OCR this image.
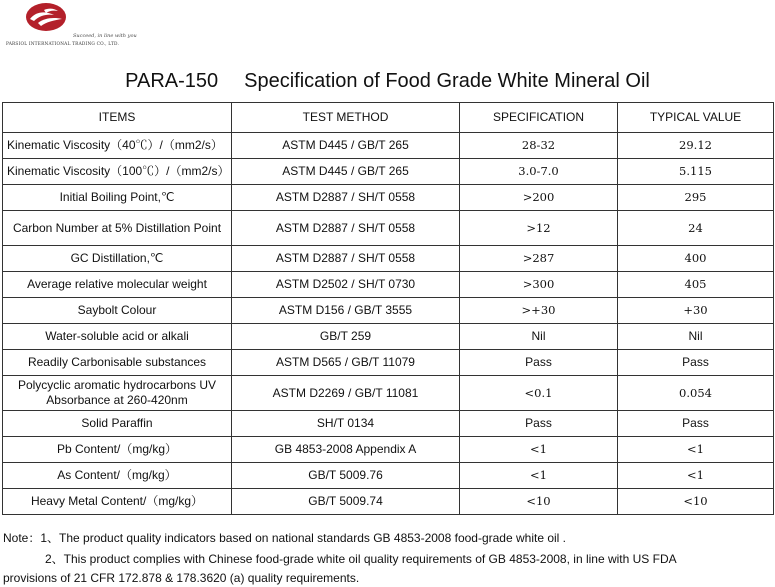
Succeed, in line with you
PARSIOL INTERNATIONAL TRADING CO., LTD.
PARA-150 Specification of Food Grade White Mineral Oil
ITEMS	TEST METHOD	SPECIFICATION	TYPICAL VALUE
Kinematic Viscosity（40℃）/（mm2/s）	ASTM D445 / GB/T 265	28-32	29.12
Kinematic Viscosity（100℃）/（mm2/s）	ASTM D445 / GB/T 265	3.0-7.0	5.115
Initial Boiling Point,℃	ASTM D2887 / SH/T 0558	>200	295
Carbon Number at 5% Distillation Point	ASTM D2887 / SH/T 0558	>12	24
GC Distillation,℃	ASTM D2887 / SH/T 0558	>287	400
Average relative molecular weight	ASTM D2502 / SH/T 0730	>300	405
Saybolt Colour	ASTM D156 / GB/T 3555	>+30	+30
Water-soluble acid or alkali	GB/T 259	Nil	Nil
Readily Carbonisable substances	ASTM D565 / GB/T 11079	Pass	Pass
Polycyclic aromatic hydrocarbons UV Absorbance at 260-420nm	ASTM D2269 / GB/T 11081	<0.1	0.054
Solid Paraffin	SH/T 0134	Pass	Pass
Pb Content/（mg/kg）	GB 4853-2008 Appendix A	<1	<1
As Content/（mg/kg）	GB/T 5009.76	<1	<1
Heavy Metal Content/（mg/kg）	GB/T 5009.74	<10	<10
Note：1、The product quality indicators based on national standards GB 4853-2008 food-grade white oil .
2、This product complies with Chinese food-grade white oil quality requirements of GB 4853-2008, in line with US FDA
provisions of 21 CFR 172.878 & 178.3620 (a) quality requirements.
